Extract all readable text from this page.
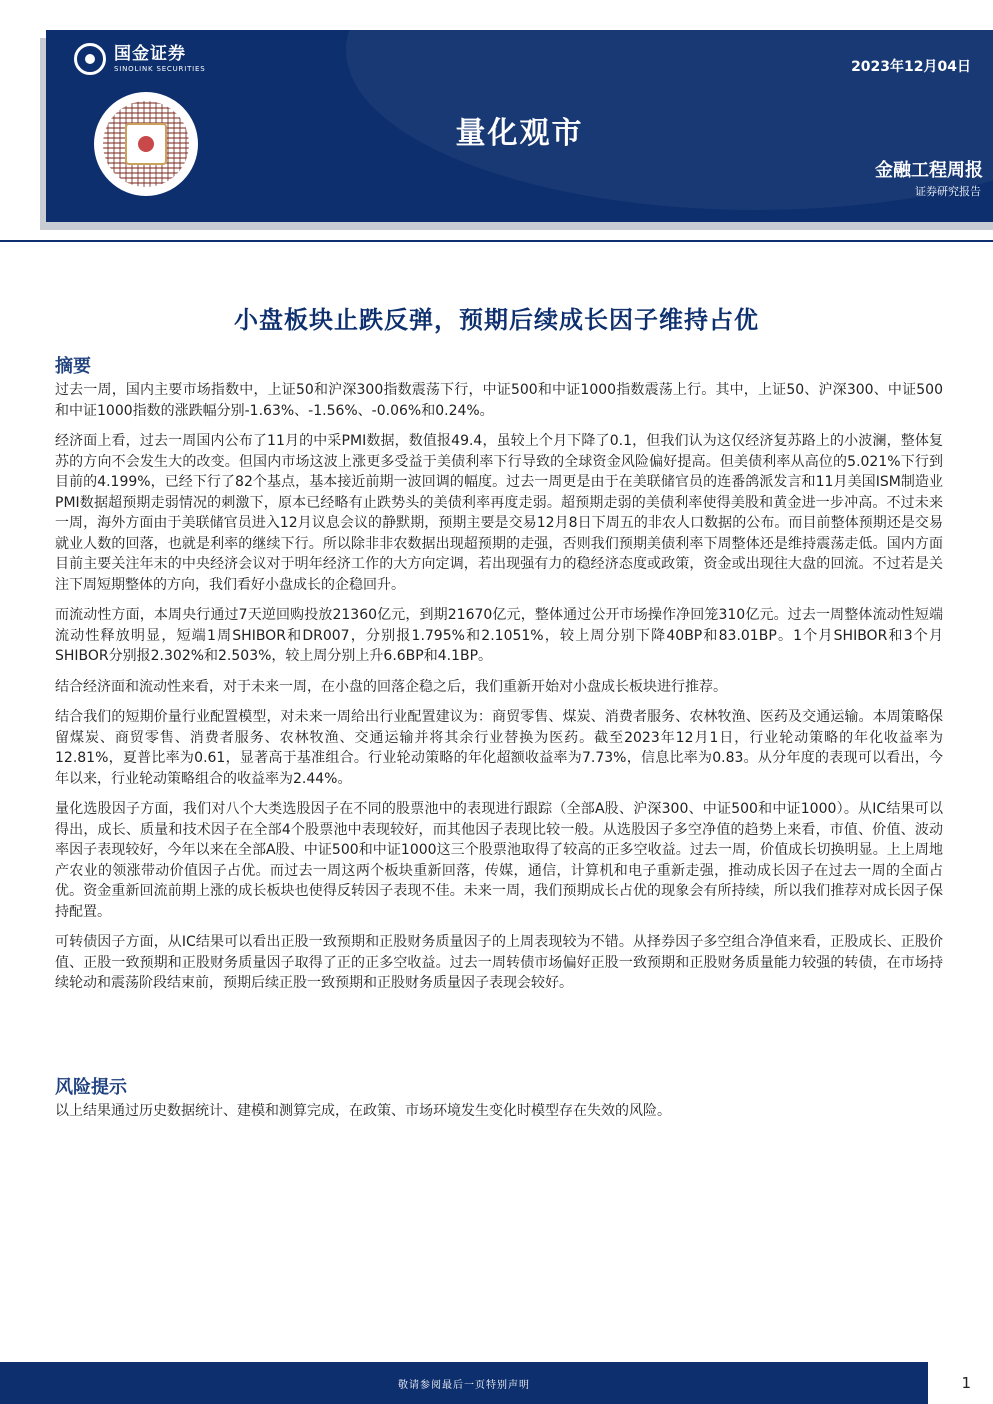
国金证券
SINOLINK SECURITIES	2023年12月04日
量化观市
金融工程周报
证券研究报告
小盘板块止跌反弹，预期后续成长因子维持占优
摘要

过去一周，国内主要市场指数中，上证50和沪深300指数震荡下行，中证500和中证1000指数震荡上行。其中，上证50、沪深300、中证500和中证1000指数的涨跌幅分别-1.63%、-1.56%、-0.06%和0.24%。

经济面上看，过去一周国内公布了11月的中采PMI数据，数值报49.4，虽较上个月下降了0.1，但我们认为这仅经济复苏路上的小波澜，整体复苏的方向不会发生大的改变。但国内市场这波上涨更多受益于美债利率下行导致的全球资金风险偏好提高。但美债利率从高位的5.021%下行到目前的4.199%，已经下行了82个基点，基本接近前期一波回调的幅度。过去一周更是由于在美联储官员的连番鸽派发言和11月美国ISM制造业PMI数据超预期走弱情况的刺激下，原本已经略有止跌势头的美债利率再度走弱。超预期走弱的美债利率使得美股和黄金进一步冲高。不过未来一周，海外方面由于美联储官员进入12月议息会议的静默期，预期主要是交易12月8日下周五的非农人口数据的公布。而目前整体预期还是交易就业人数的回落，也就是利率的继续下行。所以除非非农数据出现超预期的走强，否则我们预期美债利率下周整体还是维持震荡走低。国内方面目前主要关注年末的中央经济会议对于明年经济工作的大方向定调，若出现强有力的稳经济态度或政策，资金或出现往大盘的回流。不过若是关注下周短期整体的方向，我们看好小盘成长的企稳回升。

而流动性方面，本周央行通过7天逆回购投放21360亿元，到期21670亿元，整体通过公开市场操作净回笼310亿元。过去一周整体流动性短端流动性释放明显，短端1周SHIBOR和DR007，分别报1.795%和2.1051%，较上周分别下降40BP和83.01BP。1个月SHIBOR和3个月SHIBOR分别报2.302%和2.503%，较上周分别上升6.6BP和4.1BP。

结合经济面和流动性来看，对于未来一周，在小盘的回落企稳之后，我们重新开始对小盘成长板块进行推荐。

结合我们的短期价量行业配置模型，对未来一周给出行业配置建议为：商贸零售、煤炭、消费者服务、农林牧渔、医药及交通运输。本周策略保留煤炭、商贸零售、消费者服务、农林牧渔、交通运输并将其余行业替换为医药。截至2023年12月1日，行业轮动策略的年化收益率为12.81%，夏普比率为0.61，显著高于基准组合。行业轮动策略的年化超额收益率为7.73%，信息比率为0.83。从分年度的表现可以看出，今年以来，行业轮动策略组合的收益率为2.44%。

量化选股因子方面，我们对八个大类选股因子在不同的股票池中的表现进行跟踪（全部A股、沪深300、中证500和中证1000）。从IC结果可以得出，成长、质量和技术因子在全部4个股票池中表现较好，而其他因子表现比较一般。从选股因子多空净值的趋势上来看，市值、价值、波动率因子表现较好，今年以来在全部A股、中证500和中证1000这三个股票池取得了较高的正多空收益。过去一周，价值成长切换明显。上上周地产农业的领涨带动价值因子占优。而过去一周这两个板块重新回落，传媒，通信，计算机和电子重新走强，推动成长因子在过去一周的全面占优。资金重新回流前期上涨的成长板块也使得反转因子表现不佳。未来一周，我们预期成长占优的现象会有所持续，所以我们推荐对成长因子保持配置。

可转债因子方面，从IC结果可以看出正股一致预期和正股财务质量因子的上周表现较为不错。从择券因子多空组合净值来看，正股成长、正股价值、正股一致预期和正股财务质量因子取得了正的正多空收益。过去一周转债市场偏好正股一致预期和正股财务质量能力较强的转债，在市场持续轮动和震荡阶段结束前，预期后续正股一致预期和正股财务质量因子表现会较好。

风险提示
以上结果通过历史数据统计、建模和测算完成，在政策、市场环境发生变化时模型存在失效的风险。
敬请参阅最后一页特别声明	1
